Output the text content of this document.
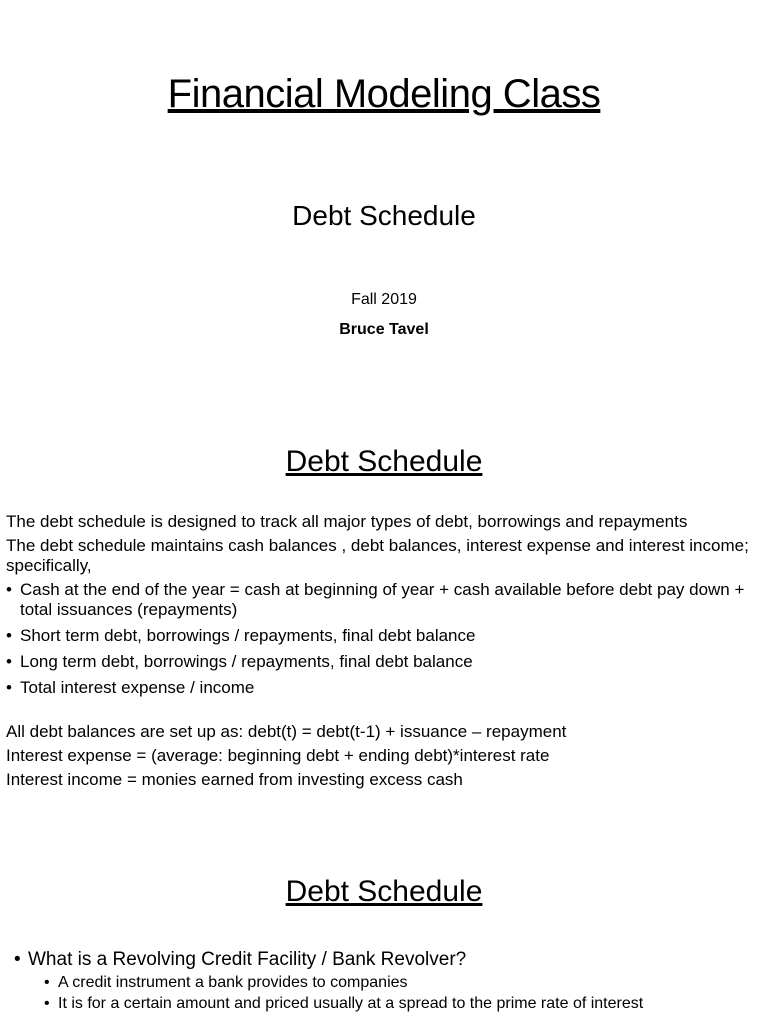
Financial Modeling Class
Debt Schedule
Fall 2019
Bruce Tavel
Debt Schedule

The debt schedule is designed to track all major types of debt, borrowings and repayments

The debt schedule maintains cash balances , debt balances, interest expense and interest income; specifically,

• Cash at the end of the year = cash at beginning of year + cash available before debt pay down + total issuances (repayments)
• Short term debt, borrowings / repayments, final debt balance
• Long term debt, borrowings / repayments, final debt balance
• Total interest expense / income

All debt balances are set up as: debt(t) = debt(t-1) + issuance – repayment

Interest expense = (average: beginning debt + ending debt)*interest rate

Interest income = monies earned from investing excess cash

Debt Schedule
• What is a Revolving Credit Facility / Bank Revolver?
• A credit instrument a bank provides to companies
• It is for a certain amount and priced usually at a spread to the prime rate of interest
